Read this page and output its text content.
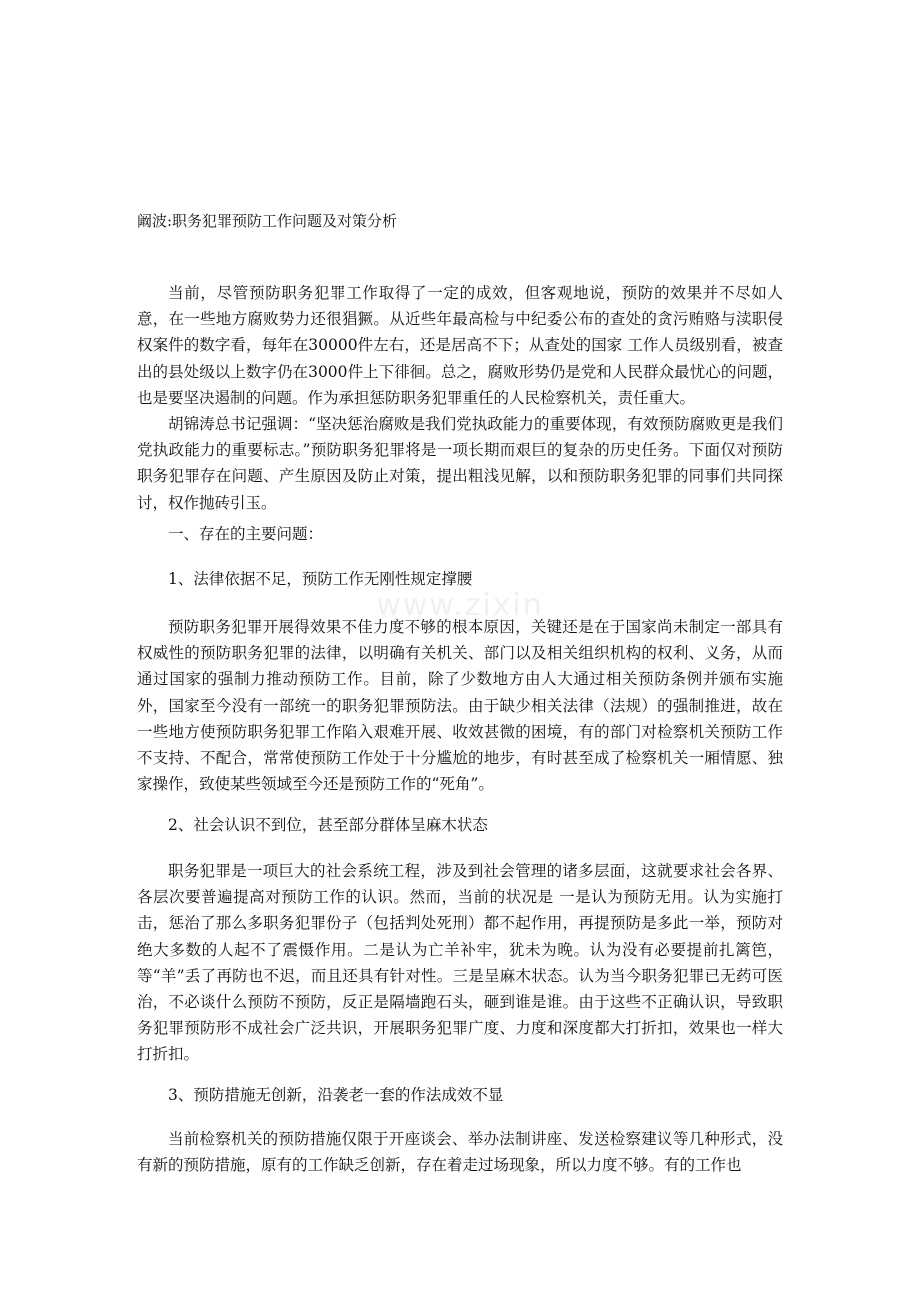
阚波:职务犯罪预防工作问题及对策分析

当前，尽管预防职务犯罪工作取得了一定的成效，但客观地说，预防的效果并不尽如人意，在一些地方腐败势力还很猖獗。从近些年最高检与中纪委公布的查处的贪污贿赂与渎职侵权案件的数字看，每年在30000件左右，还是居高不下；从查处的国家 工作人员级别看，被查出的县处级以上数字仍在3000件上下徘徊。总之，腐败形势仍是党和人民群众最忧心的问题，也是要坚决遏制的问题。作为承担惩防职务犯罪重任的人民检察机关，责任重大。

胡锦涛总书记强调：“坚决惩治腐败是我们党执政能力的重要体现，有效预防腐败更是我们党执政能力的重要标志。”预防职务犯罪将是一项长期而艰巨的复杂的历史任务。下面仅对预防职务犯罪存在问题、产生原因及防止对策，提出粗浅见解，以和预防职务犯罪的同事们共同探讨，权作抛砖引玉。

一、存在的主要问题：

1、法律依据不足，预防工作无刚性规定撑腰

预防职务犯罪开展得效果不佳力度不够的根本原因，关键还是在于国家尚未制定一部具有权威性的预防职务犯罪的法律，以明确有关机关、部门以及相关组织机构的权利、义务，从而通过国家的强制力推动预防工作。目前，除了少数地方由人大通过相关预防条例并颁布实施外，国家至今没有一部统一的职务犯罪预防法。由于缺少相关法律（法规）的强制推进，故在一些地方使预防职务犯罪工作陷入艰难开展、收效甚微的困境，有的部门对检察机关预防工作不支持、不配合，常常使预防工作处于十分尴尬的地步，有时甚至成了检察机关一厢情愿、独家操作，致使某些领域至今还是预防工作的“死角”。

2、社会认识不到位，甚至部分群体呈麻木状态

职务犯罪是一项巨大的社会系统工程，涉及到社会管理的诸多层面，这就要求社会各界、各层次要普遍提高对预防工作的认识。然而，当前的状况是 一是认为预防无用。认为实施打击，惩治了那么多职务犯罪份子（包括判处死刑）都不起作用，再提预防是多此一举，预防对绝大多数的人起不了震慑作用。二是认为亡羊补牢，犹未为晚。认为没有必要提前扎篱笆，等“羊”丢了再防也不迟，而且还具有针对性。三是呈麻木状态。认为当今职务犯罪已无药可医治，不必谈什么预防不预防，反正是隔墙跑石头，砸到谁是谁。由于这些不正确认识，导致职务犯罪预防形不成社会广泛共识，开展职务犯罪广度、力度和深度都大打折扣，效果也一样大打折扣。

3、预防措施无创新，沿袭老一套的作法成效不显

当前检察机关的预防措施仅限于开座谈会、举办法制讲座、发送检察建议等几种形式，没有新的预防措施，原有的工作缺乏创新，存在着走过场现象，所以力度不够。有的工作也

www.zixin
